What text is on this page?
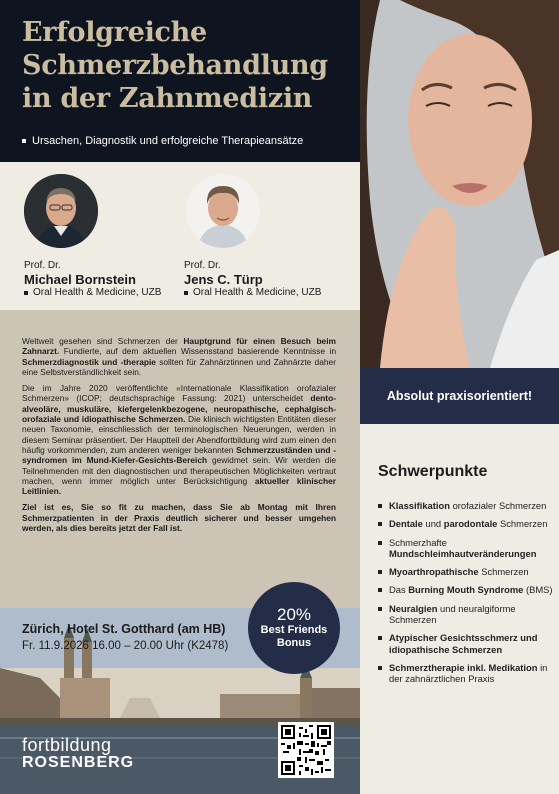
Erfolgreiche Schmerzbehandlung in der Zahnmedizin
Ursachen, Diagnostik und erfolgreiche Therapieansätze
Prof. Dr.
Michael Bornstein
Oral Health & Medicine, UZB
Prof. Dr.
Jens C. Türp
Oral Health & Medicine, UZB

Weltweit gesehen sind Schmerzen der Hauptgrund für einen Besuch beim Zahnarzt. Fundierte, auf dem aktuellen Wissensstand basierende Kenntnisse in Schmerzdiagnostik und -therapie sollten für Zahnärztinnen und Zahnärzte daher eine Selbstverständlichkeit sein.

Die im Jahre 2020 veröffentlichte «Internationale Klassifikation orofazialer Schmerzen» (ICOP; deutschsprachige Fassung: 2021) unterscheidet dento-alveoläre, muskuläre, kiefergelenkbezogene, neuropathische, cephalgisch-orofaziale und idiopathische Schmerzen. Die klinisch wichtigsten Entitäten dieser neuen Taxonomie, einschliesslich der terminologischen Neuerungen, werden in diesem Seminar präsentiert. Der Hauptteil der Abendfortbildung wird zum einen den häufig vorkommenden, zum anderen weniger bekannten Schmerzzuständen und -syndromen im Mund-Kiefer-Gesichts-Bereich gewidmet sein. Wir werden die Teilnehmenden mit den diagnostischen und therapeutischen Möglichkeiten vertraut machen, wenn immer möglich unter Berücksichtigung aktueller klinischer Leitlinien.

Ziel ist es, Sie so fit zu machen, dass Sie ab Montag mit Ihren Schmerzpatienten in der Praxis deutlich sicherer und besser umgehen werden, als dies bereits jetzt der Fall ist.

Absolut praxisorientiert!
Schwerpunkte
Klassifikation orofazialer Schmerzen
Dentale und parodontale Schmerzen
Schmerzhafte Mundschleimhautveränderungen
Myoarthropathische Schmerzen
Das Burning Mouth Syndrome (BMS)
Neuralgien und neuralgiforme Schmerzen
Atypischer Gesichtsschmerz und idiopathische Schmerzen
Schmerztherapie inkl. Medikation in der zahnärztlichen Praxis
Zürich, Hotel St. Gotthard (am HB)
Fr. 11.9.2026 16.00 – 20.00 Uhr (K2478)
20%
Best Friends
Bonus
fortbildung
ROSENBERG
